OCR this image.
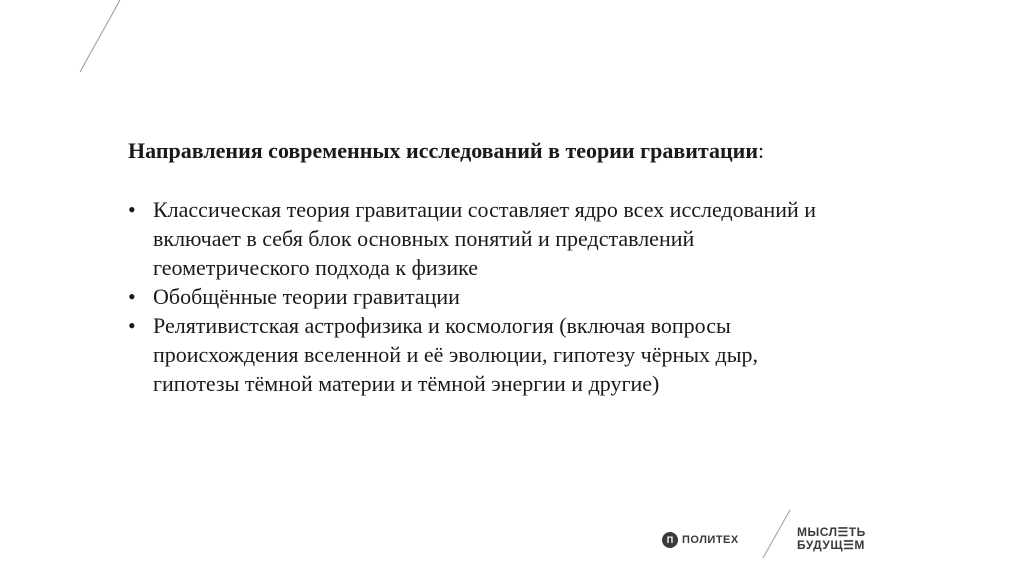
Направления современных исследований в теории гравитации:
• Классическая теория гравитации составляет ядро всех исследований и включает в себя блок основных понятий и представлений геометрического подхода к физике
• Обобщённые теории гравитации
• Релятивистская астрофизика и космология (включая вопросы происхождения вселенной и её эволюции, гипотезу чёрных дыр, гипотезы тёмной материи и тёмной энергии и другие)
П ПОЛИТЕХ
МЫСЛ☰ТЬ
БУДУЩ☰М
